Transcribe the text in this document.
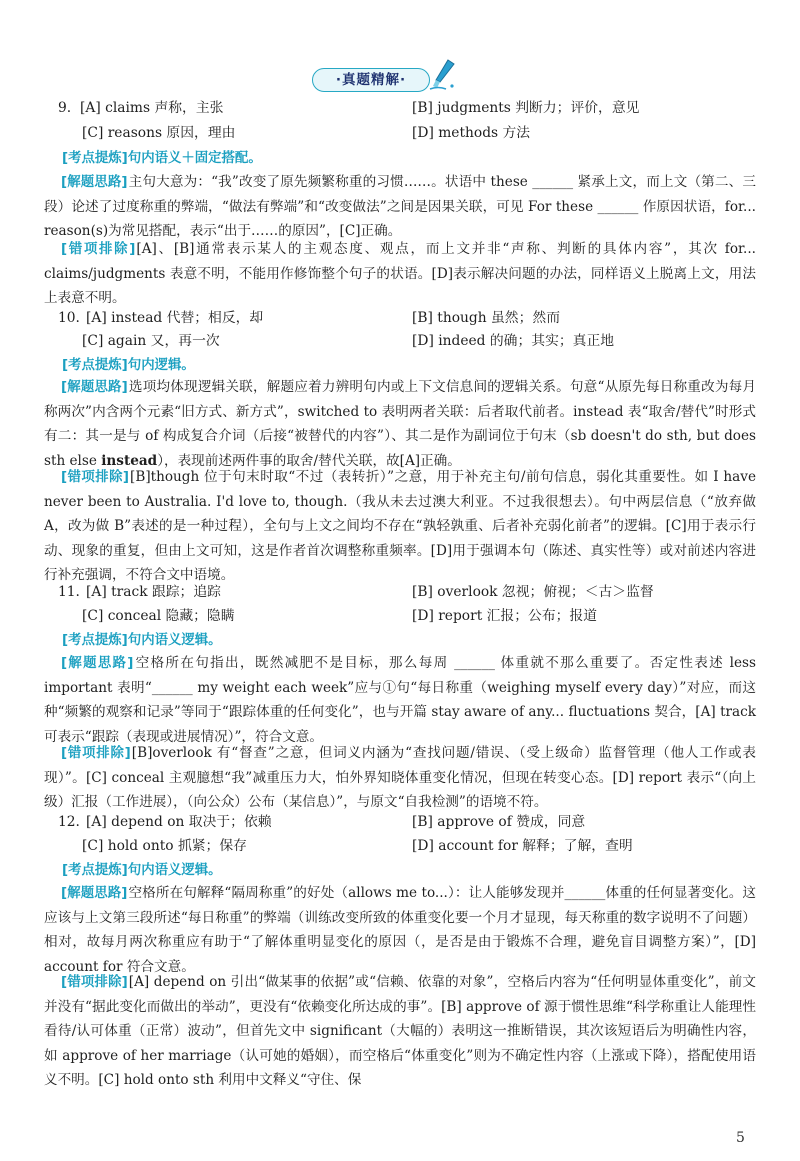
·真题精解·
9. [A] claims 声称，主张	[B] judgments 判断力；评价，意见
[C] reasons 原因，理由	[D] methods 方法
[考点提炼]句内语义＋固定搭配。
[解题思路]主句大意为：“我”改变了原先频繁称重的习惯……。状语中 these ______ 紧承上文，而上文（第二、三段）论述了过度称重的弊端，“做法有弊端”和“改变做法”之间是因果关联，可见 For these ______ 作原因状语，for... reason(s)为常见搭配，表示“出于……的原因”，[C]正确。
[错项排除][A]、[B]通常表示某人的主观态度、观点，而上文并非“声称、判断的具体内容”，其次 for... claims/judgments 表意不明，不能用作修饰整个句子的状语。[D]表示解决问题的办法，同样语义上脱离上文，用法上表意不明。
10. [A] instead 代替；相反，却	[B] though 虽然；然而
[C] again 又，再一次	[D] indeed 的确；其实；真正地
[考点提炼]句内逻辑。
[解题思路]选项均体现逻辑关联，解题应着力辨明句内或上下文信息间的逻辑关系。句意“从原先每日称重改为每月称两次”内含两个元素“旧方式、新方式”，switched to 表明两者关联：后者取代前者。instead 表“取舍/替代”时形式有二：其一是与 of 构成复合介词（后接“被替代的内容”）、其二是作为副词位于句末（sb doesn't do sth, but does sth else instead），表现前述两件事的取舍/替代关联，故[A]正确。
[错项排除][B]though 位于句末时取“不过（表转折）”之意，用于补充主句/前句信息，弱化其重要性。如 I have never been to Australia. I'd love to, though.（我从未去过澳大利亚。不过我很想去）。句中两层信息（“放弃做 A，改为做 B”表述的是一种过程），全句与上文之间均不存在“孰轻孰重、后者补充弱化前者”的逻辑。[C]用于表示行动、现象的重复，但由上文可知，这是作者首次调整称重频率。[D]用于强调本句（陈述、真实性等）或对前述内容进行补充强调，不符合文中语境。
11. [A] track 跟踪；追踪	[B] overlook 忽视；俯视；＜古＞监督
[C] conceal 隐藏；隐瞒	[D] report 汇报；公布；报道
[考点提炼]句内语义逻辑。
[解题思路]空格所在句指出，既然减肥不是目标，那么每周 ______ 体重就不那么重要了。否定性表述 less important 表明“______ my weight each week”应与①句“每日称重（weighing myself every day）”对应，而这种“频繁的观察和记录”等同于“跟踪体重的任何变化”，也与开篇 stay aware of any... fluctuations 契合，[A] track 可表示“跟踪（表现或进展情况）”，符合文意。
[错项排除][B]overlook 有“督查”之意，但词义内涵为“查找问题/错误、（受上级命）监督管理（他人工作或表现）”。[C] conceal 主观臆想“我”减重压力大，怕外界知晓体重变化情况，但现在转变心态。[D] report 表示“（向上级）汇报（工作进展），（向公众）公布（某信息）”，与原文“自我检测”的语境不符。
12. [A] depend on 取决于；依赖	[B] approve of 赞成，同意
[C] hold onto 抓紧；保存	[D] account for 解释；了解，查明
[考点提炼]句内语义逻辑。
[解题思路]空格所在句解释“隔周称重”的好处（allows me to...）：让人能够发现并______体重的任何显著变化。这应该与上文第三段所述“每日称重”的弊端（训练改变所致的体重变化要一个月才显现，每天称重的数字说明不了问题）相对，故每月两次称重应有助于“了解体重明显变化的原因（，是否是由于锻炼不合理，避免盲目调整方案）”，[D] account for 符合文意。
[错项排除][A] depend on 引出“做某事的依据”或“信赖、依靠的对象”，空格后内容为“任何明显体重变化”，前文并没有“据此变化而做出的举动”，更没有“依赖变化所达成的事”。[B] approve of 源于惯性思维“科学称重让人能理性看待/认可体重（正常）波动”，但首先文中 significant（大幅的）表明这一推断错误，其次该短语后为明确性内容，如 approve of her marriage（认可她的婚姻），而空格后“体重变化”则为不确定性内容（上涨或下降），搭配使用语义不明。[C] hold onto sth 利用中文释义“守住、保
5
